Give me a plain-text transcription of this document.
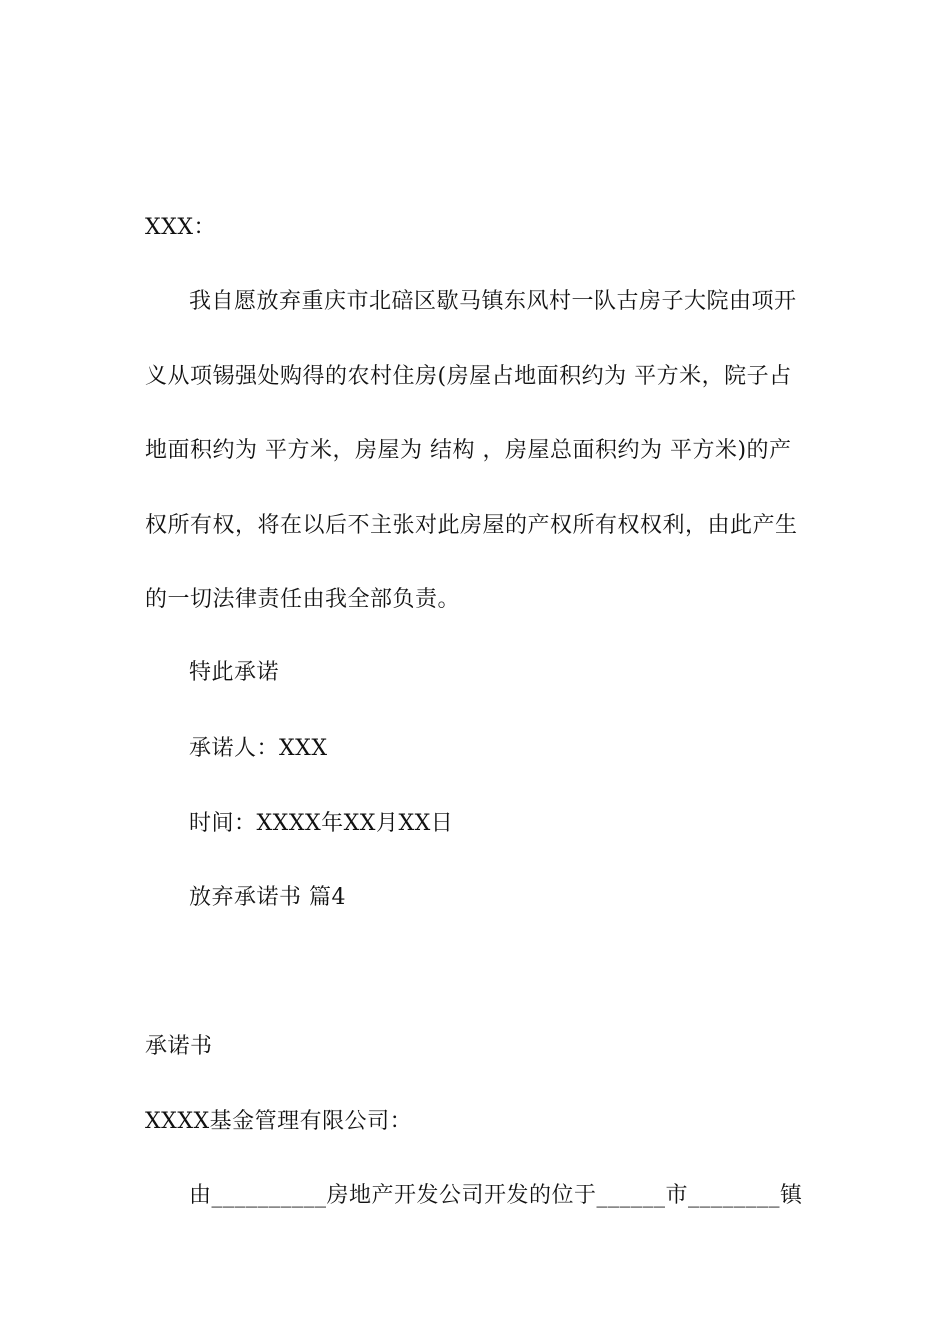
XXX：
我自愿放弃重庆市北碚区歇马镇东风村一队古房子大院由项开
义从项锡强处购得的农村住房(房屋占地面积约为 平方米，院子占
地面积约为 平方米，房屋为 结构 ，房屋总面积约为 平方米)的产
权所有权，将在以后不主张对此房屋的产权所有权权利，由此产生
的一切法律责任由我全部负责。
特此承诺
承诺人：XXX
时间：XXXX年XX月XX日
放弃承诺书 篇4
承诺书
XXXX基金管理有限公司：
由__________房地产开发公司开发的位于______市________镇
